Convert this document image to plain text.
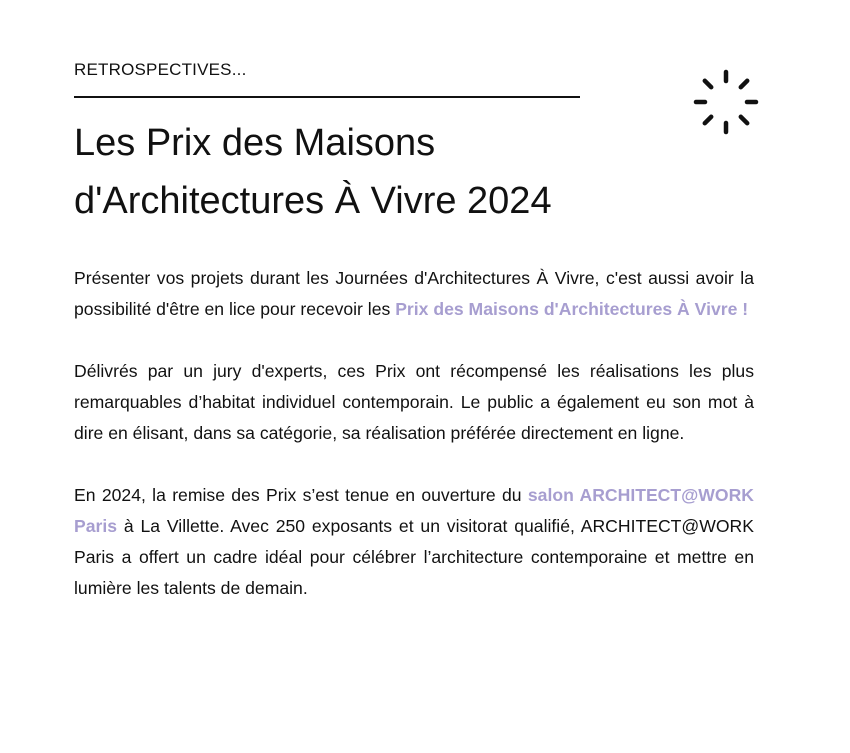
RETROSPECTIVES...
Les Prix des Maisons
d'Architectures À Vivre 2024

Présenter vos projets durant les Journées d'Architectures À Vivre, c'est aussi avoir la possibilité d'être en lice pour recevoir les Prix des Maisons d'Architectures À Vivre !

Délivrés par un jury d'experts, ces Prix ont récompensé les réalisations les plus remarquables d’habitat individuel contemporain. Le public a également eu son mot à dire en élisant, dans sa catégorie, sa réalisation préférée directement en ligne.

En 2024, la remise des Prix s’est tenue en ouverture du salon ARCHITECT@WORK Paris à La Villette. Avec 250 exposants et un visitorat qualifié, ARCHITECT@WORK Paris a offert un cadre idéal pour célébrer l’architecture contemporaine et mettre en lumière les talents de demain.
